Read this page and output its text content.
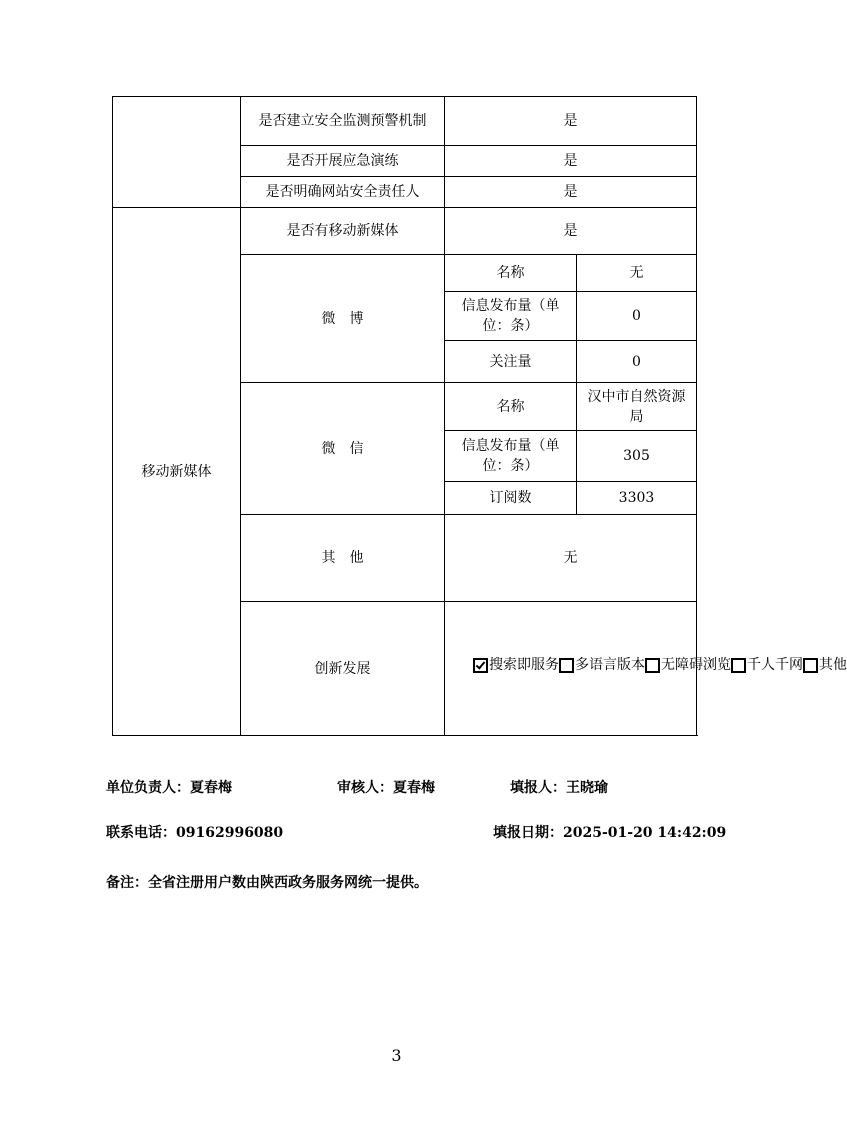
	是否建立安全监测预警机制	是	
	是否开展应急演练	是	
	是否明确网站安全责任人	是	
移动新媒体	是否有移动新媒体	是	
	微　博	名称	无
		信息发布量（单位：条）	0
		关注量	0
	微　信	名称	汉中市自然资源局
		信息发布量（单位：条）	305
		订阅数	3303
	其　他	无	
	创新发展	搜索即服务 多语言版本 无障碍浏览 千人千网 其他	
单位负责人：夏春梅	审核人：夏春梅	填报人：王晓瑜
联系电话：09162996080	填报日期：2025-01-20 14:42:09
备注：全省注册用户数由陕西政务服务网统一提供。
3
